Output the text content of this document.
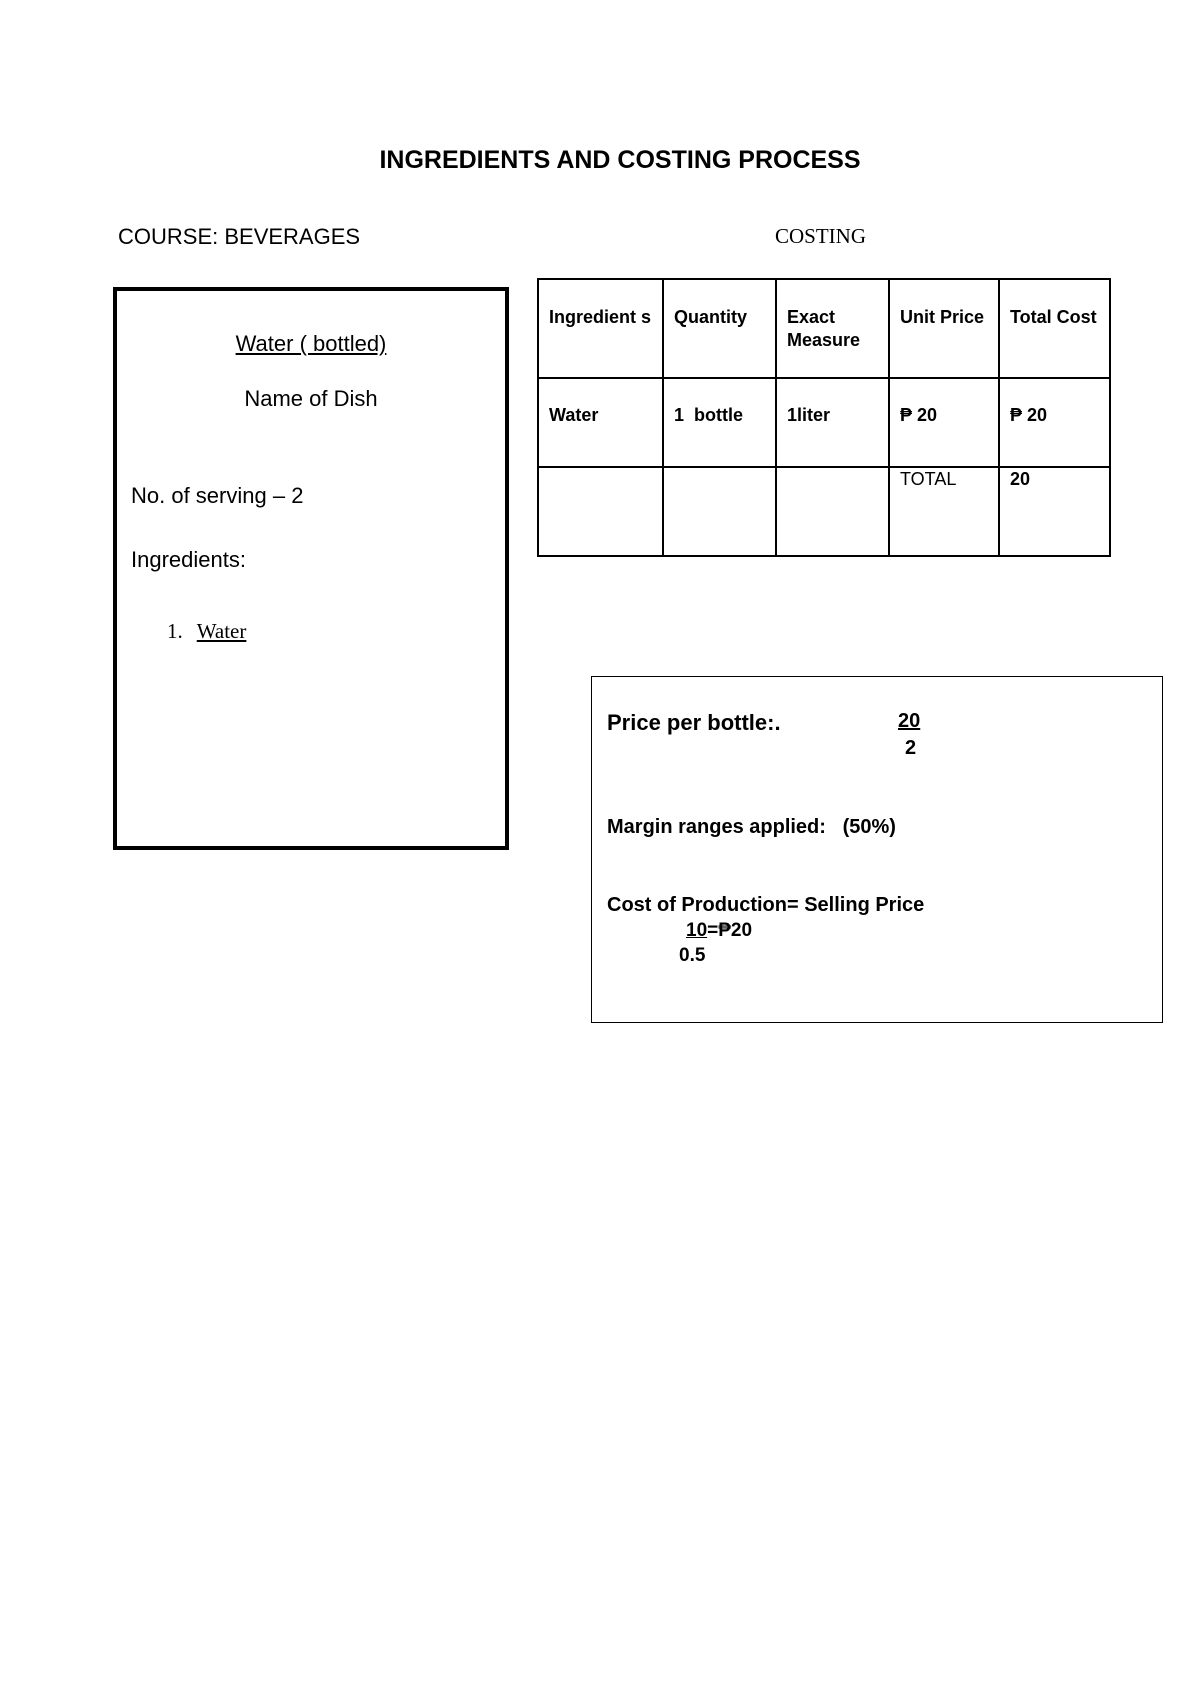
INGREDIENTS AND COSTING PROCESS
COURSE: BEVERAGES	COSTING
Water ( bottled)
Name of Dish
No. of serving – 2
Ingredients:
1. Water
Ingredient s	Quantity	Exact Measure	Unit Price	Total Cost
Water	1  bottle	1liter	₱ 20	₱ 20
			TOTAL	20
Price per bottle:.	20
2
Margin ranges applied:   (50%)
Cost of Production= Selling Price
10=₱20
0.5
